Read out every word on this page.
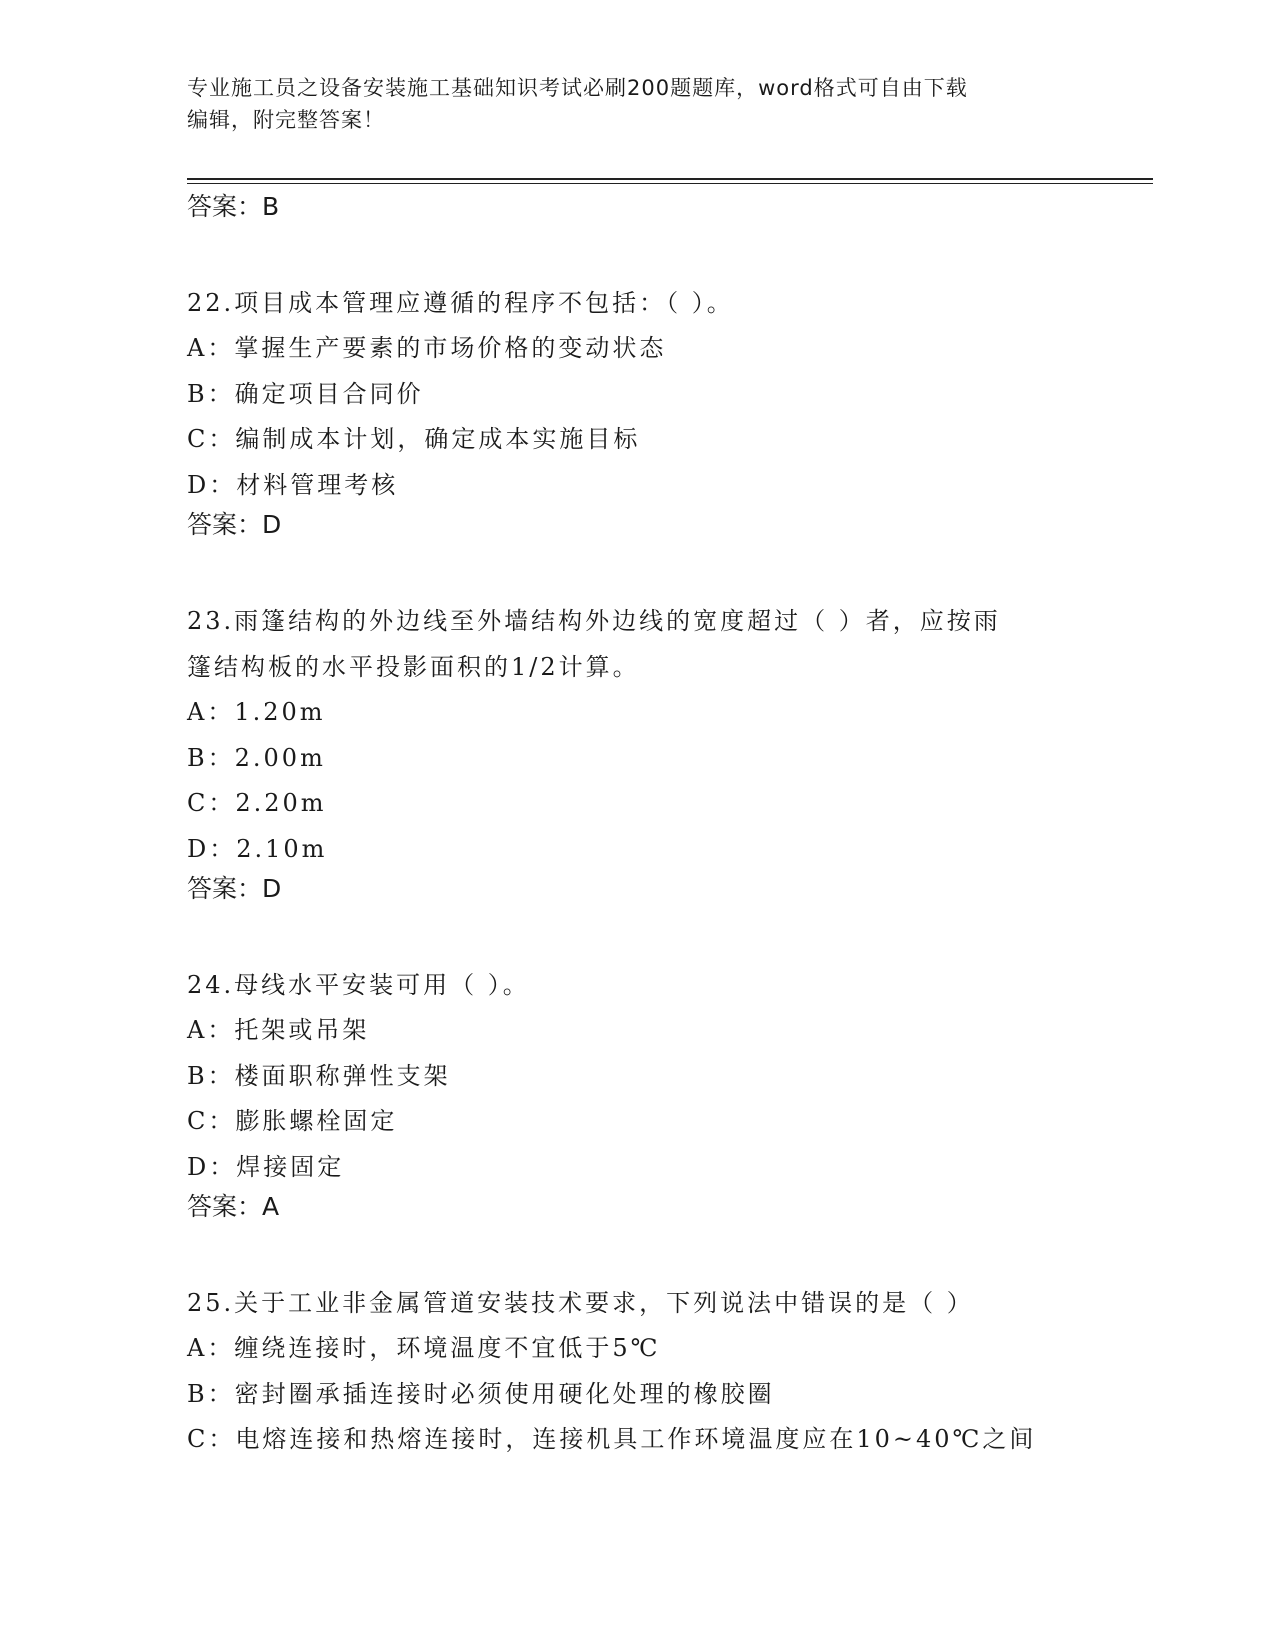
专业施工员之设备安装施工基础知识考试必刷200题题库，word格式可自由下载
编辑，附完整答案！
答案：B
22.项目成本管理应遵循的程序不包括：（ ）。
A：掌握生产要素的市场价格的变动状态
B：确定项目合同价
C：编制成本计划，确定成本实施目标
D：材料管理考核
答案：D
23.雨篷结构的外边线至外墙结构外边线的宽度超过（ ）者，应按雨
篷结构板的水平投影面积的1/2计算。
A：1.20m
B：2.00m
C：2.20m
D：2.10m
答案：D
24.母线水平安装可用（ ）。
A：托架或吊架
B：楼面职称弹性支架
C：膨胀螺栓固定
D：焊接固定
答案：A
25.关于工业非金属管道安装技术要求，下列说法中错误的是（ ）
A：缠绕连接时，环境温度不宜低于5℃
B：密封圈承插连接时必须使用硬化处理的橡胶圈
C：电熔连接和热熔连接时，连接机具工作环境温度应在10~40℃之间
